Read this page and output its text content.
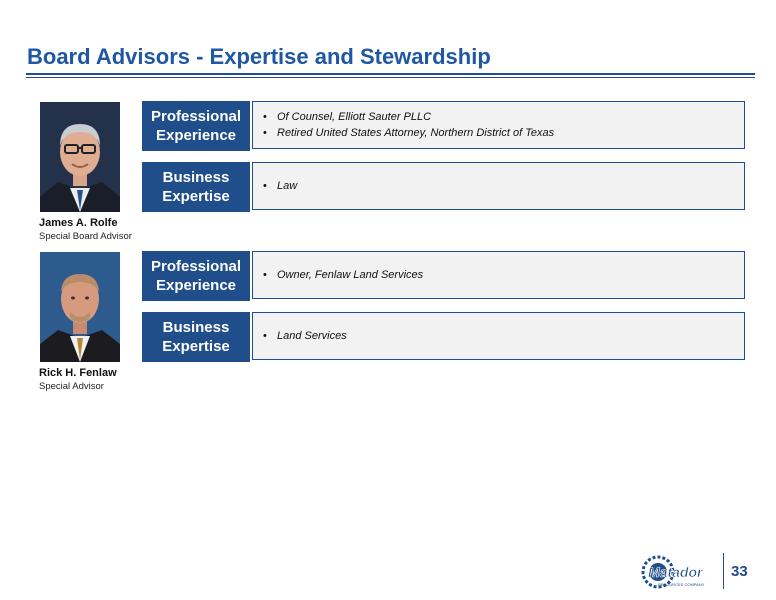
Board Advisors - Expertise and Stewardship
James A. Rolfe
Special Board Advisor
Professional Experience
• Of Counsel, Elliott Sauter PLLC
• Retired United States Attorney, Northern District of Texas
Business Expertise
• Law
Rick H. Fenlaw
Special Advisor
Professional Experience
• Owner, Fenlaw Land Services
Business Expertise
• Land Services
Matador
RESOURCES COMPANY
33
